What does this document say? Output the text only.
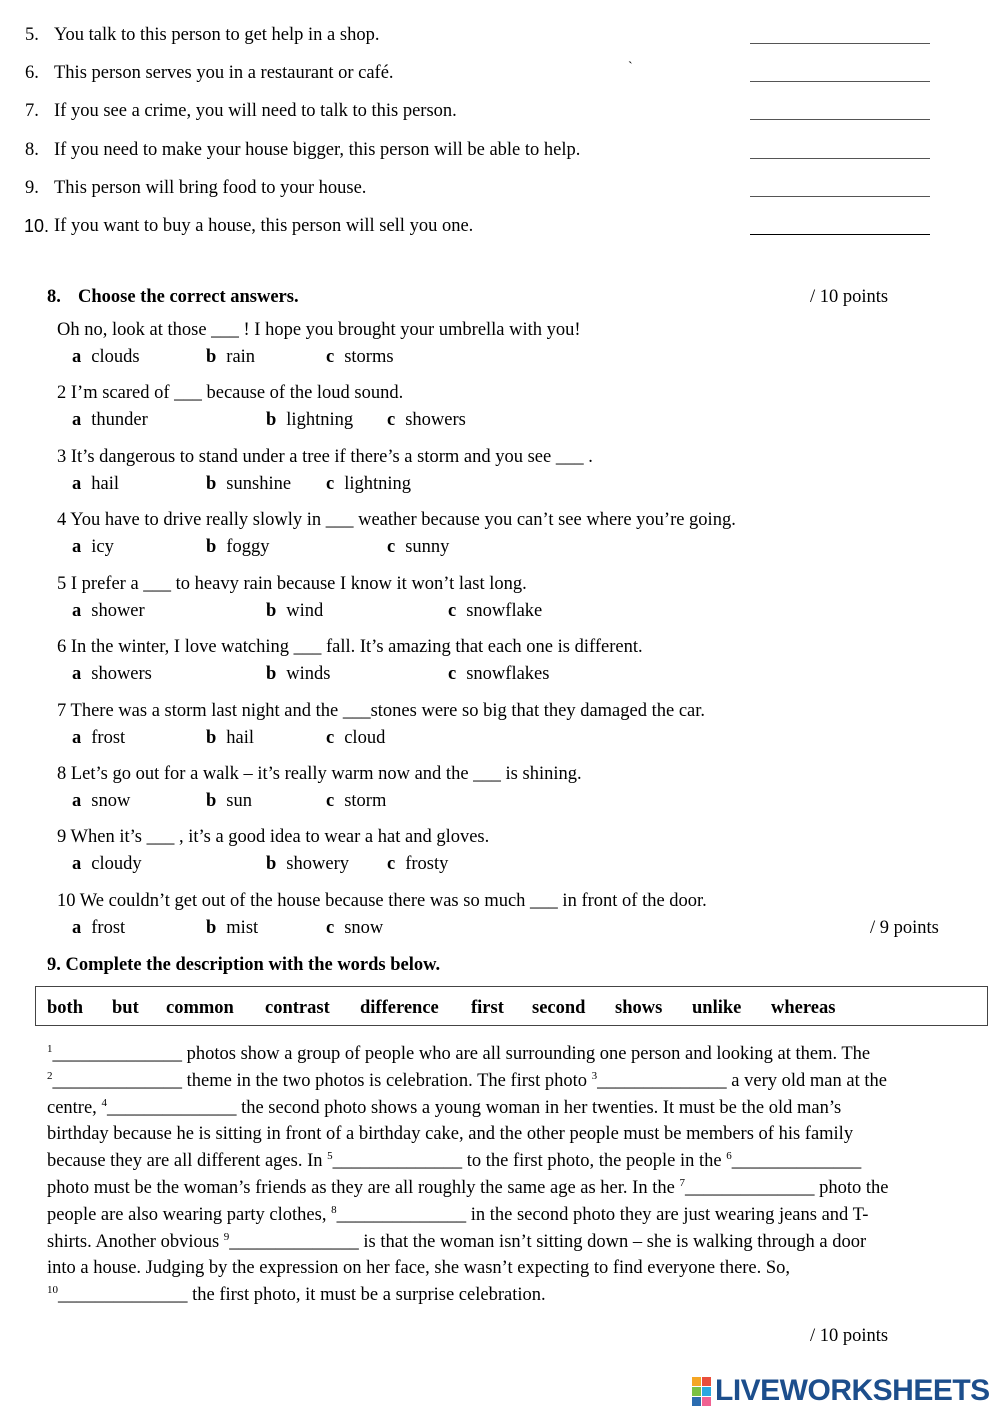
5. You talk to this person to get help in a shop.
6. This person serves you in a restaurant or café.	`
7. If you see a crime, you will need to talk to this person.
8. If you need to make your house bigger, this person will be able to help.
9. This person will bring food to your house.
10. If you want to buy a house, this person will sell you one.
8. Choose the correct answers.	/ 10 points
Oh no, look at those ___ ! I hope you brought your umbrella with you!
a clouds	b rain	c storms
2 I’m scared of ___ because of the loud sound.
a thunder	b lightning c showers
3 It’s dangerous to stand under a tree if there’s a storm and you see ___ .
a hail	b sunshine c lightning
4 You have to drive really slowly in ___ weather because you can’t see where you’re going.
a icy	b foggy	c sunny
5 I prefer a ___ to heavy rain because I know it won’t last long.
a shower	b wind	c snowflake
6 In the winter, I love watching ___ fall. It’s amazing that each one is different.
a showers	b winds	c snowflakes
7 There was a storm last night and the ___stones were so big that they damaged the car.
a frost	b hail	c cloud
8 Let’s go out for a walk – it’s really warm now and the ___ is shining.
a snow	b sun	c storm
9 When it’s ___ , it’s a good idea to wear a hat and gloves.
a cloudy	b showery c frosty
10 We couldn’t get out of the house because there was so much ___ in front of the door.
a frost	b mist	c snow	/ 9 points
9. Complete the description with the words below.
both but common contrast difference first second shows unlike whereas
$^1$______________ photos show a group of people who are all surrounding one person and looking at them. The
$^2$______________ theme in the two photos is celebration. The first photo $^3$______________ a very old man at the
centre, $^4$______________ the second photo shows a young woman in her twenties. It must be the old man’s
birthday because he is sitting in front of a birthday cake, and the other people must be members of his family
because they are all different ages. In $^5$______________ to the first photo, the people in the $^6$______________
photo must be the woman’s friends as they are all roughly the same age as her. In the $^7$______________ photo the
people are also wearing party clothes, $^8$______________ in the second photo they are just wearing jeans and T-
shirts. Another obvious $^9$______________ is that the woman isn’t sitting down – she is walking through a door
into a house. Judging by the expression on her face, she wasn’t expecting to find everyone there. So,
$^{10}$______________ the first photo, it must be a surprise celebration.
/ 10 points
LIVEWORKSHEETS
